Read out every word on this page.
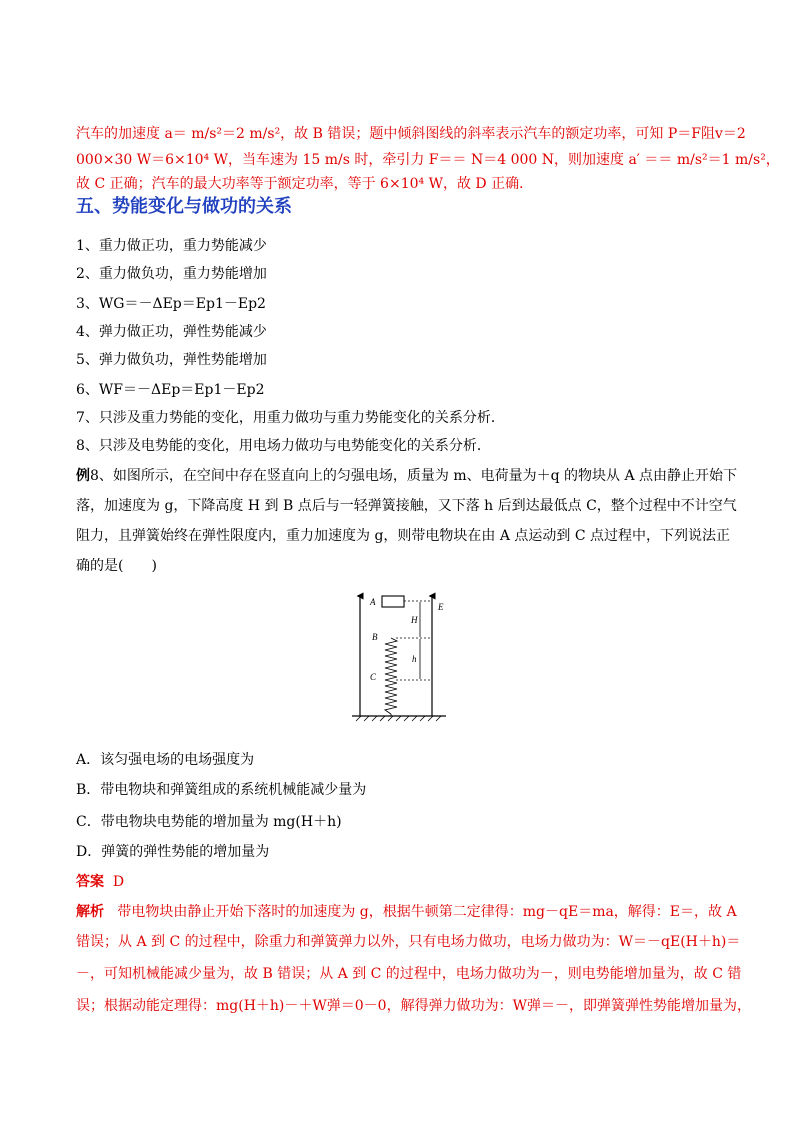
汽车的加速度 a＝ m/s²＝2 m/s²，故 B 错误；题中倾斜图线的斜率表示汽车的额定功率，可知 P＝F阻v＝2
000×30 W＝6×10⁴ W，当车速为 15 m/s 时，牵引力 F＝＝ N＝4 000 N，则加速度 a′ ＝＝ m/s²＝1 m/s²，
故 C 正确；汽车的最大功率等于额定功率，等于 6×10⁴ W，故 D 正确．
五、势能变化与做功的关系
1、重力做正功，重力势能减少
2、重力做负功，重力势能增加
3、WG＝－ΔEp＝Ep1－Ep2
4、弹力做正功，弹性势能减少
5、弹力做负功，弹性势能增加
6、WF＝－ΔEp＝Ep1－Ep2
7、只涉及重力势能的变化，用重力做功与重力势能变化的关系分析．
8、只涉及电势能的变化，用电场力做功与电势能变化的关系分析．
例8、如图所示，在空间中存在竖直向上的匀强电场，质量为 m、电荷量为＋q 的物块从 A 点由静止开始下
落，加速度为 g，下降高度 H 到 B 点后与一轻弹簧接触，又下落 h 后到达最低点 C，整个过程中不计空气
阻力，且弹簧始终在弹性限度内，重力加速度为 g，则带电物块在由 A 点运动到 C 点过程中，下列说法正
确的是(　　)
A
B
C
E
H
h
A．该匀强电场的电场强度为
B．带电物块和弹簧组成的系统机械能减少量为
C．带电物块电势能的增加量为 mg(H＋h)
D．弹簧的弹性势能的增加量为
答案 D
解析 带电物块由静止开始下落时的加速度为 g，根据牛顿第二定律得：mg－qE＝ma，解得：E＝，故 A
错误；从 A 到 C 的过程中，除重力和弹簧弹力以外，只有电场力做功，电场力做功为：W＝－qE(H＋h)＝
－，可知机械能减少量为，故 B 错误；从 A 到 C 的过程中，电场力做功为－，则电势能增加量为，故 C 错
误；根据动能定理得：mg(H＋h)－＋W弹＝0－0，解得弹力做功为：W弹＝－，即弹簧弹性势能增加量为，
